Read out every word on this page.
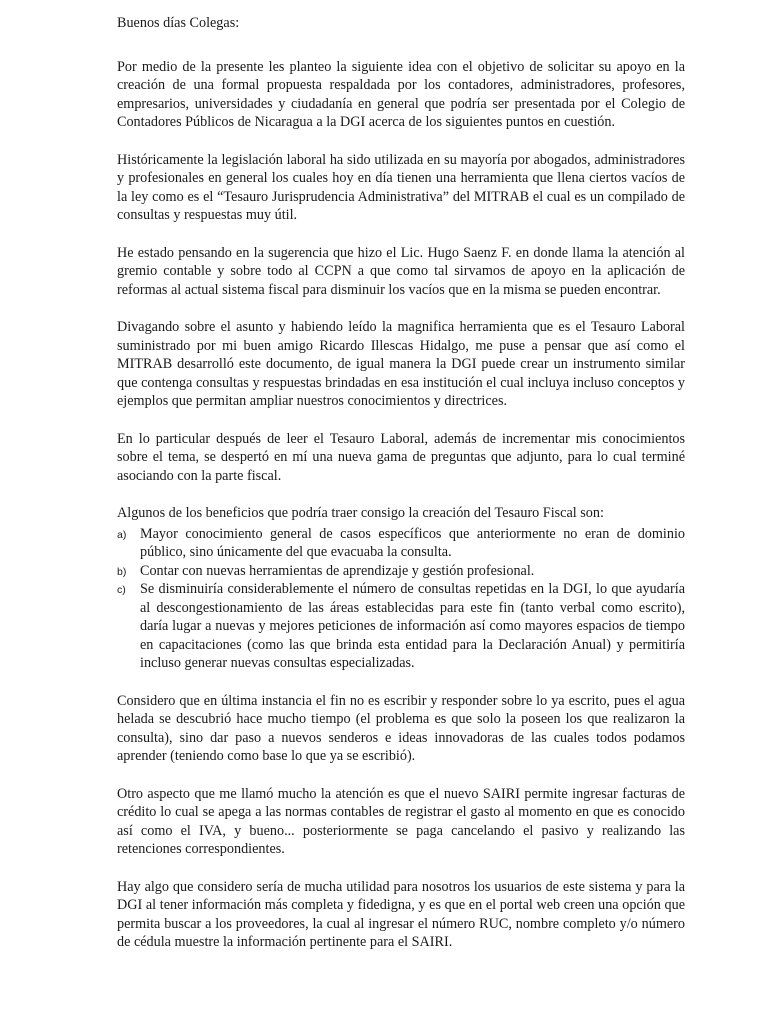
Buenos días Colegas:

Por medio de la presente les planteo la siguiente idea con el objetivo de solicitar su apoyo en la creación de una formal propuesta respaldada por los contadores, administradores, profesores, empresarios, universidades y ciudadanía en general que podría ser presentada por el Colegio de Contadores Públicos de Nicaragua a la DGI acerca de los siguientes puntos en cuestión.

Históricamente la legislación laboral ha sido utilizada en su mayoría por abogados, administradores y profesionales en general los cuales hoy en día tienen una herramienta que llena ciertos vacíos de la ley como es el “Tesauro Jurisprudencia Administrativa” del MITRAB el cual es un compilado de consultas y respuestas muy útil.

He estado pensando en la sugerencia que hizo el Lic. Hugo Saenz F. en donde llama la atención al gremio contable y sobre todo al CCPN a que como tal sirvamos de apoyo en la aplicación de reformas al actual sistema fiscal para disminuir los vacíos que en la misma se pueden encontrar.

Divagando sobre el asunto y habiendo leído la magnifica herramienta que es el Tesauro Laboral suministrado por mi buen amigo Ricardo Illescas Hidalgo, me puse a pensar que así como el MITRAB desarrolló este documento, de igual manera la DGI puede crear un instrumento similar que contenga consultas y respuestas brindadas en esa institución el cual incluya incluso conceptos y ejemplos que permitan ampliar nuestros conocimientos y directrices.

En lo particular después de leer el Tesauro Laboral, además de incrementar mis conocimientos sobre el tema, se despertó en mí una nueva gama de preguntas que adjunto, para lo cual terminé asociando con la parte fiscal.

Algunos de los beneficios que podría traer consigo la creación del Tesauro Fiscal son:

a) Mayor conocimiento general de casos específicos que anteriormente no eran de dominio público, sino únicamente del que evacuaba la consulta.
b) Contar con nuevas herramientas de aprendizaje y gestión profesional.
c) Se disminuiría considerablemente el número de consultas repetidas en la DGI, lo que ayudaría al descongestionamiento de las áreas establecidas para este fin (tanto verbal como escrito), daría lugar a nuevas y mejores peticiones de información así como mayores espacios de tiempo en capacitaciones (como las que brinda esta entidad para la Declaración Anual) y permitiría incluso generar nuevas consultas especializadas.

Considero que en última instancia el fin no es escribir y responder sobre lo ya escrito, pues el agua helada se descubrió hace mucho tiempo (el problema es que solo la poseen los que realizaron la consulta), sino dar paso a nuevos senderos e ideas innovadoras de las cuales todos podamos aprender (teniendo como base lo que ya se escribió).

Otro aspecto que me llamó mucho la atención es que el nuevo SAIRI permite ingresar facturas de crédito lo cual se apega a las normas contables de registrar el gasto al momento en que es conocido así como el IVA, y bueno... posteriormente se paga cancelando el pasivo y realizando las retenciones correspondientes.

Hay algo que considero sería de mucha utilidad para nosotros los usuarios de este sistema y para la DGI al tener información más completa y fidedigna, y es que en el portal web creen una opción que permita buscar a los proveedores, la cual al ingresar el número RUC, nombre completo y/o número de cédula muestre la información pertinente para el SAIRI.
